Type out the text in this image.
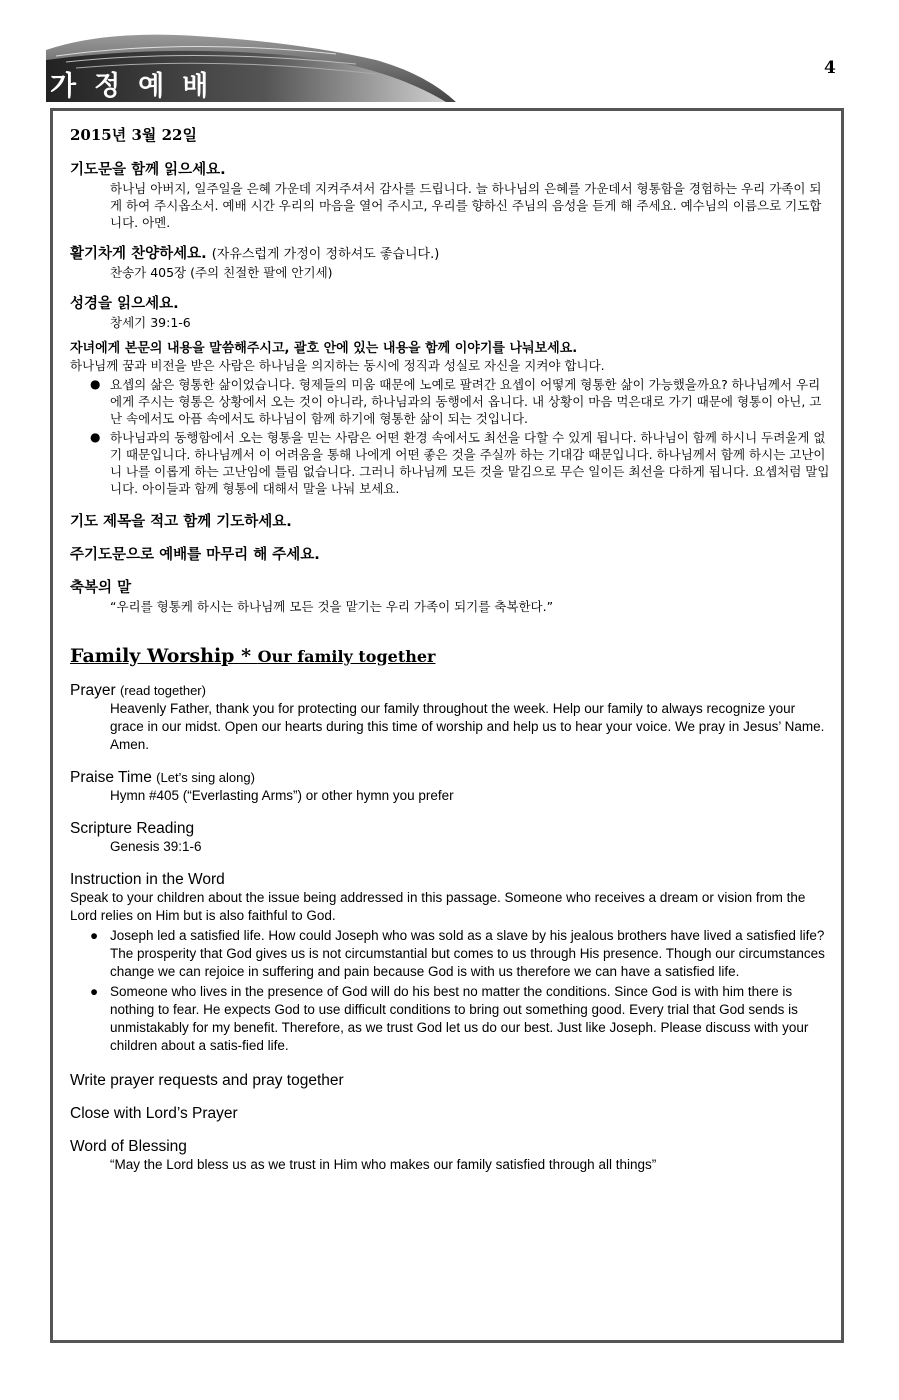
가정예배
4
2015년 3월 22일

기도문을 함께 읽으세요.

하나님 아버지, 일주일을 은혜 가운데 지켜주셔서 감사를 드립니다. 늘 하나님의 은혜를 가운데서 형통함을 경험하는 우리 가족이 되게 하여 주시옵소서. 예배 시간 우리의 마음을 열어 주시고, 우리를 향하신 주님의 음성을 듣게 해 주세요. 예수님의 이름으로 기도합니다. 아멘.

활기차게 찬양하세요. (자유스럽게 가정이 정하셔도 좋습니다.)

찬송가 405장 (주의 친절한 팔에 안기세)

성경을 읽으세요.

창세기 39:1-6

자녀에게 본문의 내용을 말씀해주시고, 괄호 안에 있는 내용을 함께 이야기를 나눠보세요.

하나님께 꿈과 비전을 받은 사람은 하나님을 의지하는 동시에 정직과 성실로 자신을 지켜야 합니다.

● 요셉의 삶은 형통한 삶이었습니다. 형제들의 미움 때문에 노예로 팔려간 요셉이 어떻게 형통한 삶이 가능했을까요? 하나님께서 우리에게 주시는 형통은 상황에서 오는 것이 아니라, 하나님과의 동행에서 옵니다. 내 상황이 마음 먹은대로 가기 때문에 형통이 아닌, 고난 속에서도 아픔 속에서도 하나님이 함께 하기에 형통한 삶이 되는 것입니다.
● 하나님과의 동행함에서 오는 형통을 믿는 사람은 어떤 환경 속에서도 최선을 다할 수 있게 됩니다. 하나님이 함께 하시니 두려울게 없기 때문입니다. 하나님께서 이 어려움을 통해 나에게 어떤 좋은 것을 주실까 하는 기대감 때문입니다. 하나님께서 함께 하시는 고난이니 나를 이롭게 하는 고난임에 틀림 없습니다. 그러니 하나님께 모든 것을 맡김으로 무슨 일이든 최선을 다하게 됩니다. 요셉처럼 말입니다. 아이들과 함께 형통에 대해서 말을 나눠 보세요.

기도 제목을 적고 함께 기도하세요.

주기도문으로 예배를 마무리 해 주세요.

축복의 말

“우리를 형통케 하시는 하나님께 모든 것을 맡기는 우리 가족이 되기를 축복한다.”

Family Worship * Our family together

Prayer (read together)

Heavenly Father, thank you for protecting our family throughout the week. Help our family to always recognize your grace in our midst. Open our hearts during this time of worship and help us to hear your voice. We pray in Jesus’ Name. Amen.

Praise Time (Let’s sing along)

Hymn #405 (“Everlasting Arms”) or other hymn you prefer

Scripture Reading

Genesis 39:1-6

Instruction in the Word

Speak to your children about the issue being addressed in this passage. Someone who receives a dream or vision from the Lord relies on Him but is also faithful to God.

● Joseph led a satisfied life. How could Joseph who was sold as a slave by his jealous brothers have lived a satisfied life? The prosperity that God gives us is not circumstantial but comes to us through His presence. Though our circumstances change we can rejoice in suffering and pain because God is with us therefore we can have a satisfied life.
● Someone who lives in the presence of God will do his best no matter the conditions. Since God is with him there is nothing to fear. He expects God to use difficult conditions to bring out something good. Every trial that God sends is unmistakably for my benefit. Therefore, as we trust God let us do our best. Just like Joseph. Please discuss with your children about a satis-fied life.

Write prayer requests and pray together

Close with Lord’s Prayer

Word of Blessing

“May the Lord bless us as we trust in Him who makes our family satisfied through all things”
